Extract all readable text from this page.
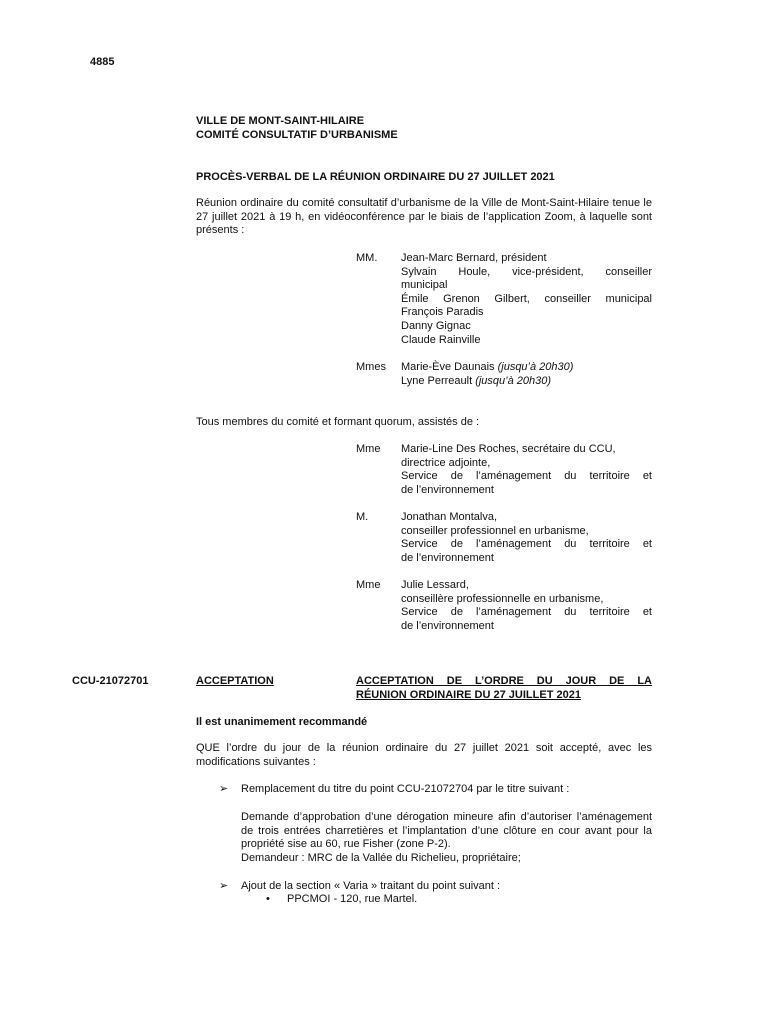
4885
VILLE DE MONT-SAINT-HILAIRE
COMITÉ CONSULTATIF D’URBANISME
PROCÈS-VERBAL DE LA RÉUNION ORDINAIRE DU 27 JUILLET 2021
Réunion ordinaire du comité consultatif d’urbanisme de la Ville de Mont-Saint-Hilaire tenue le 27 juillet 2021 à 19 h, en vidéoconférence par le biais de l’application Zoom, à laquelle sont présents :
MM. Jean-Marc Bernard, président
Sylvain Houle, vice-président, conseiller
municipal
Émile Grenon Gilbert, conseiller municipal
François Paradis
Danny Gignac
Claude Rainville
Mmes Marie-Ève Daunais (jusqu’à 20h30)
Lyne Perreault (jusqu’à 20h30)
Tous membres du comité et formant quorum, assistés de :
Mme Marie-Line Des Roches, secrétaire du CCU,
directrice adjointe,
Service de l’aménagement du territoire et
de l’environnement
M.	Jonathan Montalva,
conseiller professionnel en urbanisme,
Service de l’aménagement du territoire et
de l’environnement
Mme Julie Lessard,
conseillère professionnelle en urbanisme,
Service de l’aménagement du territoire et
de l’environnement
CCU-21072701	ACCEPTATION	ACCEPTATION DE L’ORDRE DU JOUR DE LA
RÉUNION ORDINAIRE DU 27 JUILLET 2021
Il est unanimement recommandé
QUE l’ordre du jour de la réunion ordinaire du 27 juillet 2021 soit accepté, avec les modifications suivantes :
➢ Remplacement du titre du point CCU-21072704 par le titre suivant :
Demande d’approbation d’une dérogation mineure afin d’autoriser l’aménagement de trois entrées charretières et l’implantation d’une clôture en cour avant pour la propriété sise au 60, rue Fisher (zone P-2).
Demandeur : MRC de la Vallée du Richelieu, propriétaire;
➢ Ajout de la section « Varia » traitant du point suivant :
• PPCMOI - 120, rue Martel.
